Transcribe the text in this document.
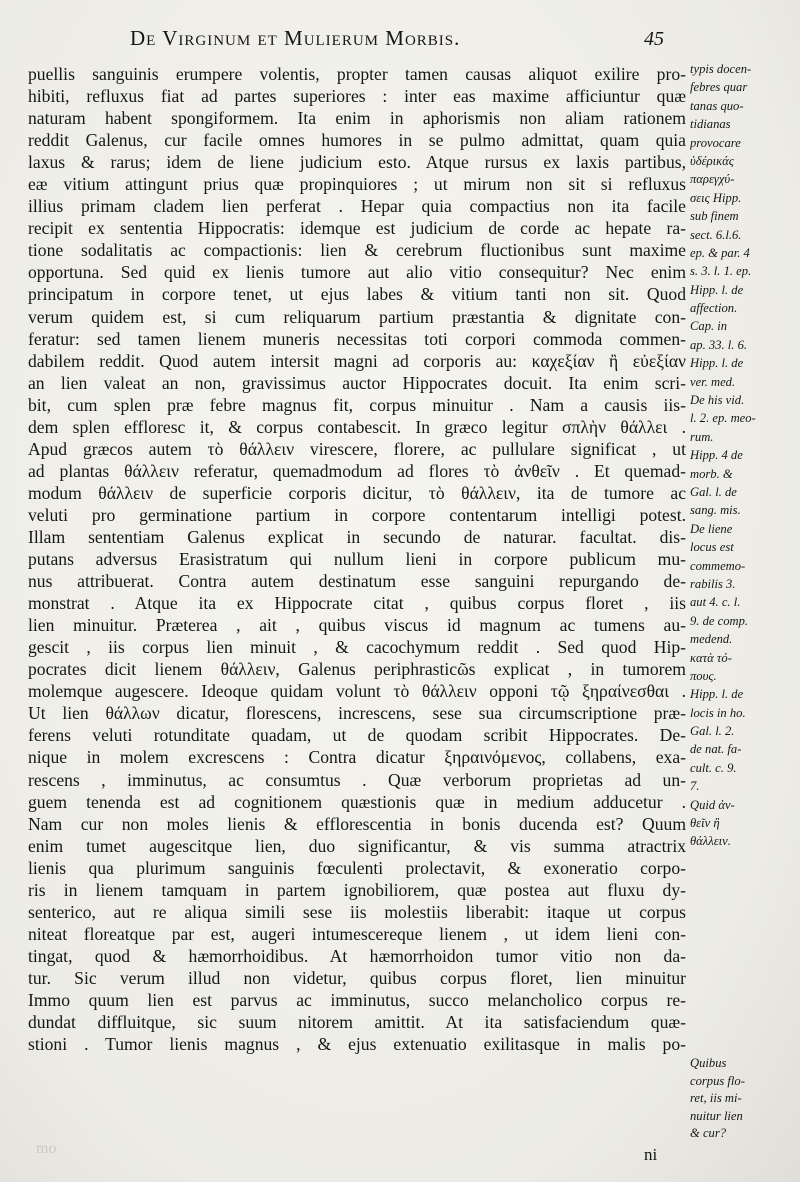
De Virginum et Mulierum Morbis.	45
puellis sanguinis erumpere volentis, propter tamen causas aliquot exilire pro-
hibiti, refluxus fiat ad partes superiores : inter eas maxime afficiuntur quæ
naturam habent spongiformem. Ita enim in aphorismis non aliam rationem
reddit Galenus, cur facile omnes humores in se pulmo admittat, quam quia
laxus & rarus; idem de liene judicium esto. Atque rursus ex laxis partibus,
eæ vitium attingunt prius quæ propinquiores ; ut mirum non sit si refluxus
illius primam cladem lien perferat . Hepar quia compactius non ita facile
recipit ex sententia Hippocratis: idemque est judicium de corde ac hepate ra-
tione sodalitatis ac compactionis: lien & cerebrum fluctionibus sunt maxime
opportuna. Sed quid ex lienis tumore aut alio vitio consequitur? Nec enim
principatum in corpore tenet, ut ejus labes & vitium tanti non sit. Quod
verum quidem est, si cum reliquarum partium præstantia & dignitate con-
feratur: sed tamen lienem muneris necessitas toti corpori commoda commen-
dabilem reddit. Quod autem intersit magni ad corporis au: καχεξίαν ἢ εὐεξίαν
an lien valeat an non, gravissimus auctor Hippocrates docuit. Ita enim scri-
bit, cum splen præ febre magnus fit, corpus minuitur . Nam a causis iis-
dem splen effloresc it, & corpus contabescit. In græco legitur σπλὴν θάλλει .
Apud græcos autem τὸ θάλλειν virescere, florere, ac pullulare significat , ut
ad plantas θάλλειν referatur, quemadmodum ad flores τὸ ἀνθεῖν . Et quemad-
modum θάλλειν de superficie corporis dicitur, τὸ θάλλειν, ita de tumore ac
veluti pro germinatione partium in corpore contentarum intelligi potest.
Illam sententiam Galenus explicat in secundo de naturar. facultat. dis-
putans adversus Erasistratum qui nullum lieni in corpore publicum mu-
nus attribuerat. Contra autem destinatum esse sanguini repurgando de-
monstrat . Atque ita ex Hippocrate citat , quibus corpus floret , iis
lien minuitur. Præterea , ait , quibus viscus id magnum ac tumens au-
gescit , iis corpus lien minuit , & cacochymum reddit . Sed quod Hip-
pocrates dicit lienem θάλλειν, Galenus periphrasticῶs explicat , in tumorem
molemque augescere. Ideoque quidam volunt τὸ θάλλειν opponi τῷ ξηραίνεσθαι .
Ut lien θάλλων dicatur, florescens, increscens, sese sua circumscriptione præ-
ferens veluti rotunditate quadam, ut de quodam scribit Hippocrates. De-
nique in molem excrescens : Contra dicatur ξηραινόμενος, collabens, exa-
rescens , imminutus, ac consumtus . Quæ verborum proprietas ad un-
guem tenenda est ad cognitionem quæstionis quæ in medium adducetur .
Nam cur non moles lienis & efflorescentia in bonis ducenda est? Quum
enim tumet augescitque lien, duo significantur, & vis summa atractrix
lienis qua plurimum sanguinis fœculenti prolectavit, & exoneratio corpo-
ris in lienem tamquam in partem ignobiliorem, quæ postea aut fluxu dy-
senterico, aut re aliqua simili sese iis molestiis liberabit: itaque ut corpus
niteat floreatque par est, augeri intumescereque lienem , ut idem lieni con-
tingat, quod & hæmorrhoidibus. At hæmorrhoidon tumor vitio non da-
tur. Sic verum illud non videtur, quibus corpus floret, lien minuitur
Immo quum lien est parvus ac imminutus, succo melancholico corpus re-
dundat diffluitque, sic suum nitorem amittit. At ita satisfaciendum quæ-
stioni . Tumor lienis magnus , & ejus extenuatio exilitasque in malis po-
typis docen-
febres quar
tanas quo-
tidianas
provocare
ὑδέρικάς
παρεγχύ-
σεις Hipp.
sub finem
sect. 6.l.6.
ep. & par. 4
s. 3. l. 1. ep.
Hipp. l. de
affection.
Cap. in
ap. 33. l. 6.
Hipp. l. de
ver. med.
De his vid.
l. 2. ep. meo-
rum.
Hipp. 4 de
morb. &
Gal. l. de
sang. mis.
De liene
locus est
commemo-
rabilis 3.
aut 4. c. l.
9. de comp.
medend.
κατὰ τό-
πους.
Hipp. l. de
locis in ho.
Gal. l. 2.
de nat. fa-
cult. c. 9.
7.
Quid ἀν-
θεῖν ἢ
θάλλειν.
Quibus
corpus flo-
ret, iis mi-
nuitur lien
& cur?
ni
mo
